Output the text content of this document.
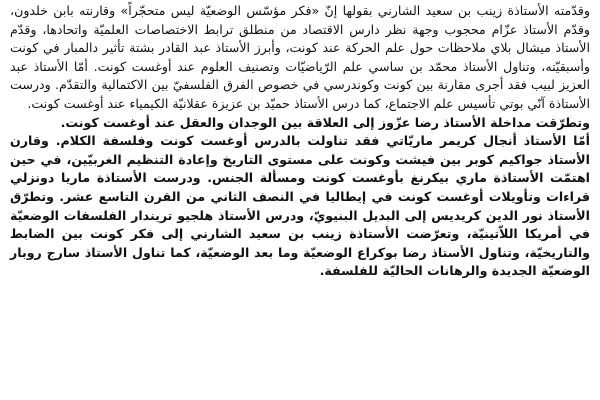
وقدّمته الأستاذة زينب بن سعيد الشارني بقولها إنّ «فكر مؤسّس الوضعيّة ليس متحجّراً» وقارنته بابن خلدون، وقدّم الأستاذ عزّام محجوب وجهة نظر دارس الاقتصاد من منطلق ترابط الاختصاصات العلميّة واتحادها، وقدّم الأستاذ ميشال بلاي ملاحظات حول علم الحركة عند كونت، وأبرز الأستاذ عبد القادر بشتة تأثير دالمبار في كونت وأسبقيّته، وتناول الأستاذ محمّد بن ساسي علم الرّياضيّات وتصنيف العلوم عند أوغست كونت. أمّا الأستاذ عبد العزيز لبيب فقد أجرى مقارنة بين كونت وكوندرسي في خصوص الفرق الفلسفيّ بين الاكتمالية والتقدّم. ودرست الأستاذة آنّي بوتي تأسيس علم الاجتماع، كما درس الأستاذ حميّد بن عزيزة عقلانيّة الكيمياء عند أوغست كونت.

وتطرّقت مداخلة الأستاذ رضا عزّوز إلى العلاقة بين الوجدان والعقل عند أوغست كونت.

أمّا الأستاذ أنجال كريمر ماريّاتي فقد تناولت بالدرس أوغست كونت وفلسفة الكلام. وقارن الأستاذ جواكيم كوبر بين فيشت وكونت على مستوى التاريخ وإعادة التنظيم الغربيّين، في حين اهتمّت الأستاذة ماري بيكرنغ بأوغست كونت ومسألة الجنس. ودرست الأستاذة ماريا دونزلي قراءات وتأويلات أوغست كونت في إيطاليا في النصف الثاني من القرن التاسع عشر. وتطرّق الأستاذ نور الدين كريديس إلى البديل البنيويّ، ودرس الأستاذ هلجيو تريندار الفلسفات الوضعيّة في أمريكا اللاّتينيّة، وتعرّضت الأستاذة زينب بن سعيد الشارني إلى فكر كونت بين الضابط والتاريخيّة، وتناول الأستاذ رضا بوكراع الوضعيّة وما بعد الوضعيّة، كما تناول الأستاذ سارج روبار الوضعيّة الجديدة والرهانات الحاليّة للفلسفة.
